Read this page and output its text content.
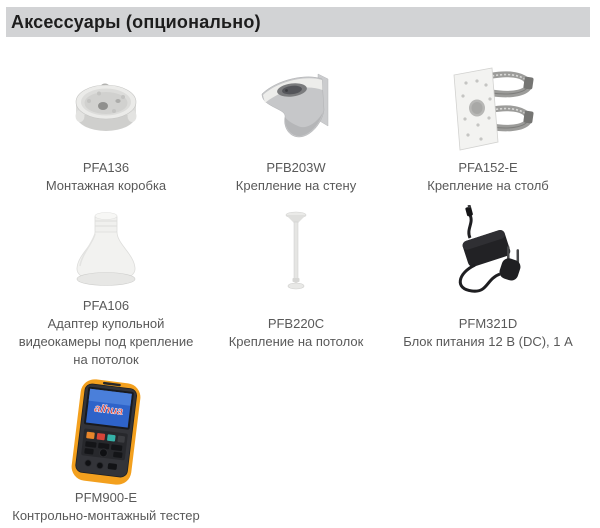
Аксессуары (опционально)
PFA136
Монтажная коробка
PFB203W
Крепление на стену
PFA152-E
Крепление на столб
PFA106
Адаптер купольной видеокамеры под крепление на потолок
PFB220C
Крепление на потолок
PFM321D
Блок питания 12 В (DC), 1 А
alhua
PFM900-E
Контрольно-монтажный тестер
